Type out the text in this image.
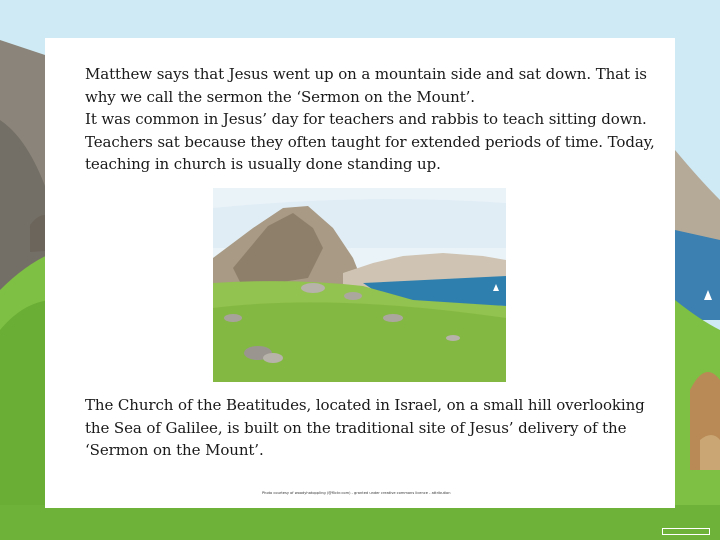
Matthew says that Jesus went up on a mountain side and sat down. That is why we call the sermon the ‘Sermon on the Mount’.
It was common in Jesus’ day for teachers and rabbis to teach sitting down. Teachers sat because they often taught for extended periods of time. Today, teaching in church is usually done standing up.

The Church of the Beatitudes, located in Israel, on a small hill overlooking the Sea of Galilee, is built on the traditional site of Jesus’ delivery of the ‘Sermon on the Mount’.

Photo courtesy of woodyhatoppling (@flickr.com) - granted under creative commons licence - attribution
